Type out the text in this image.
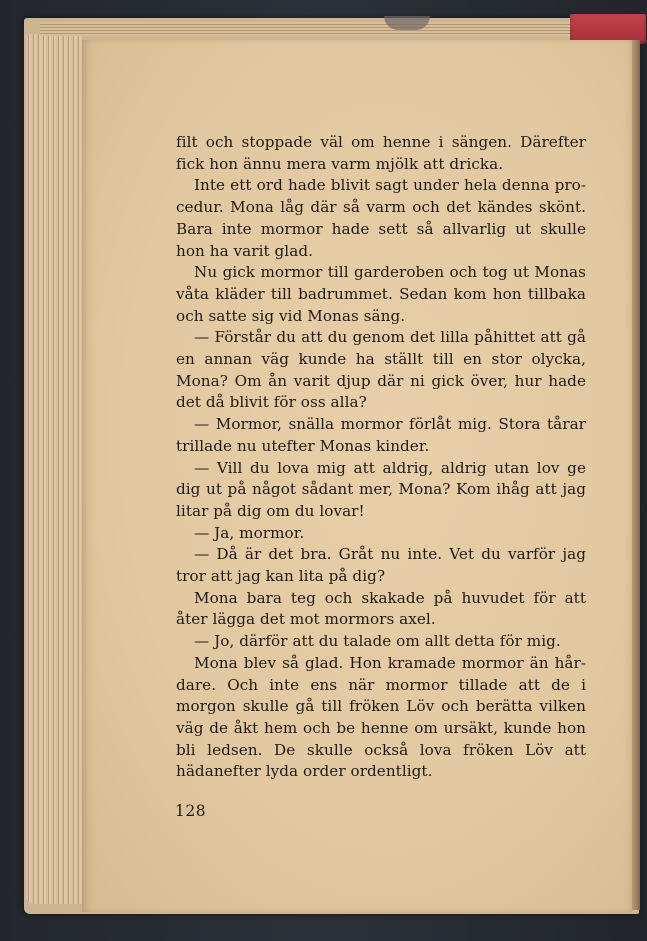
filt och stoppade väl om henne i sängen. Därefter fick hon ännu mera varm mjölk att dricka.

Inte ett ord hade blivit sagt under hela denna procedur. Mona låg där så varm och det kändes skönt. Bara inte mormor hade sett så allvarlig ut skulle hon ha varit glad.

Nu gick mormor till garderoben och tog ut Monas våta kläder till badrummet. Sedan kom hon tillbaka och satte sig vid Monas säng.

— Förstår du att du genom det lilla påhittet att gå en annan väg kunde ha ställt till en stor olycka, Mona? Om ån varit djup där ni gick över, hur hade det då blivit för oss alla?

— Mormor, snälla mormor förlåt mig. Stora tårar trillade nu utefter Monas kinder.

— Vill du lova mig att aldrig, aldrig utan lov ge dig ut på något sådant mer, Mona? Kom ihåg att jag litar på dig om du lovar!

— Ja, mormor.

— Då är det bra. Gråt nu inte. Vet du varför jag tror att jag kan lita på dig?

Mona bara teg och skakade på huvudet för att åter lägga det mot mormors axel.

— Jo, därför att du talade om allt detta för mig.

Mona blev så glad. Hon kramade mormor än hårdare. Och inte ens när mormor tillade att de i morgon skulle gå till fröken Löv och berätta vilken väg de åkt hem och be henne om ursäkt, kunde hon bli ledsen. De skulle också lova fröken Löv att hädanefter lyda order ordentligt.

128
